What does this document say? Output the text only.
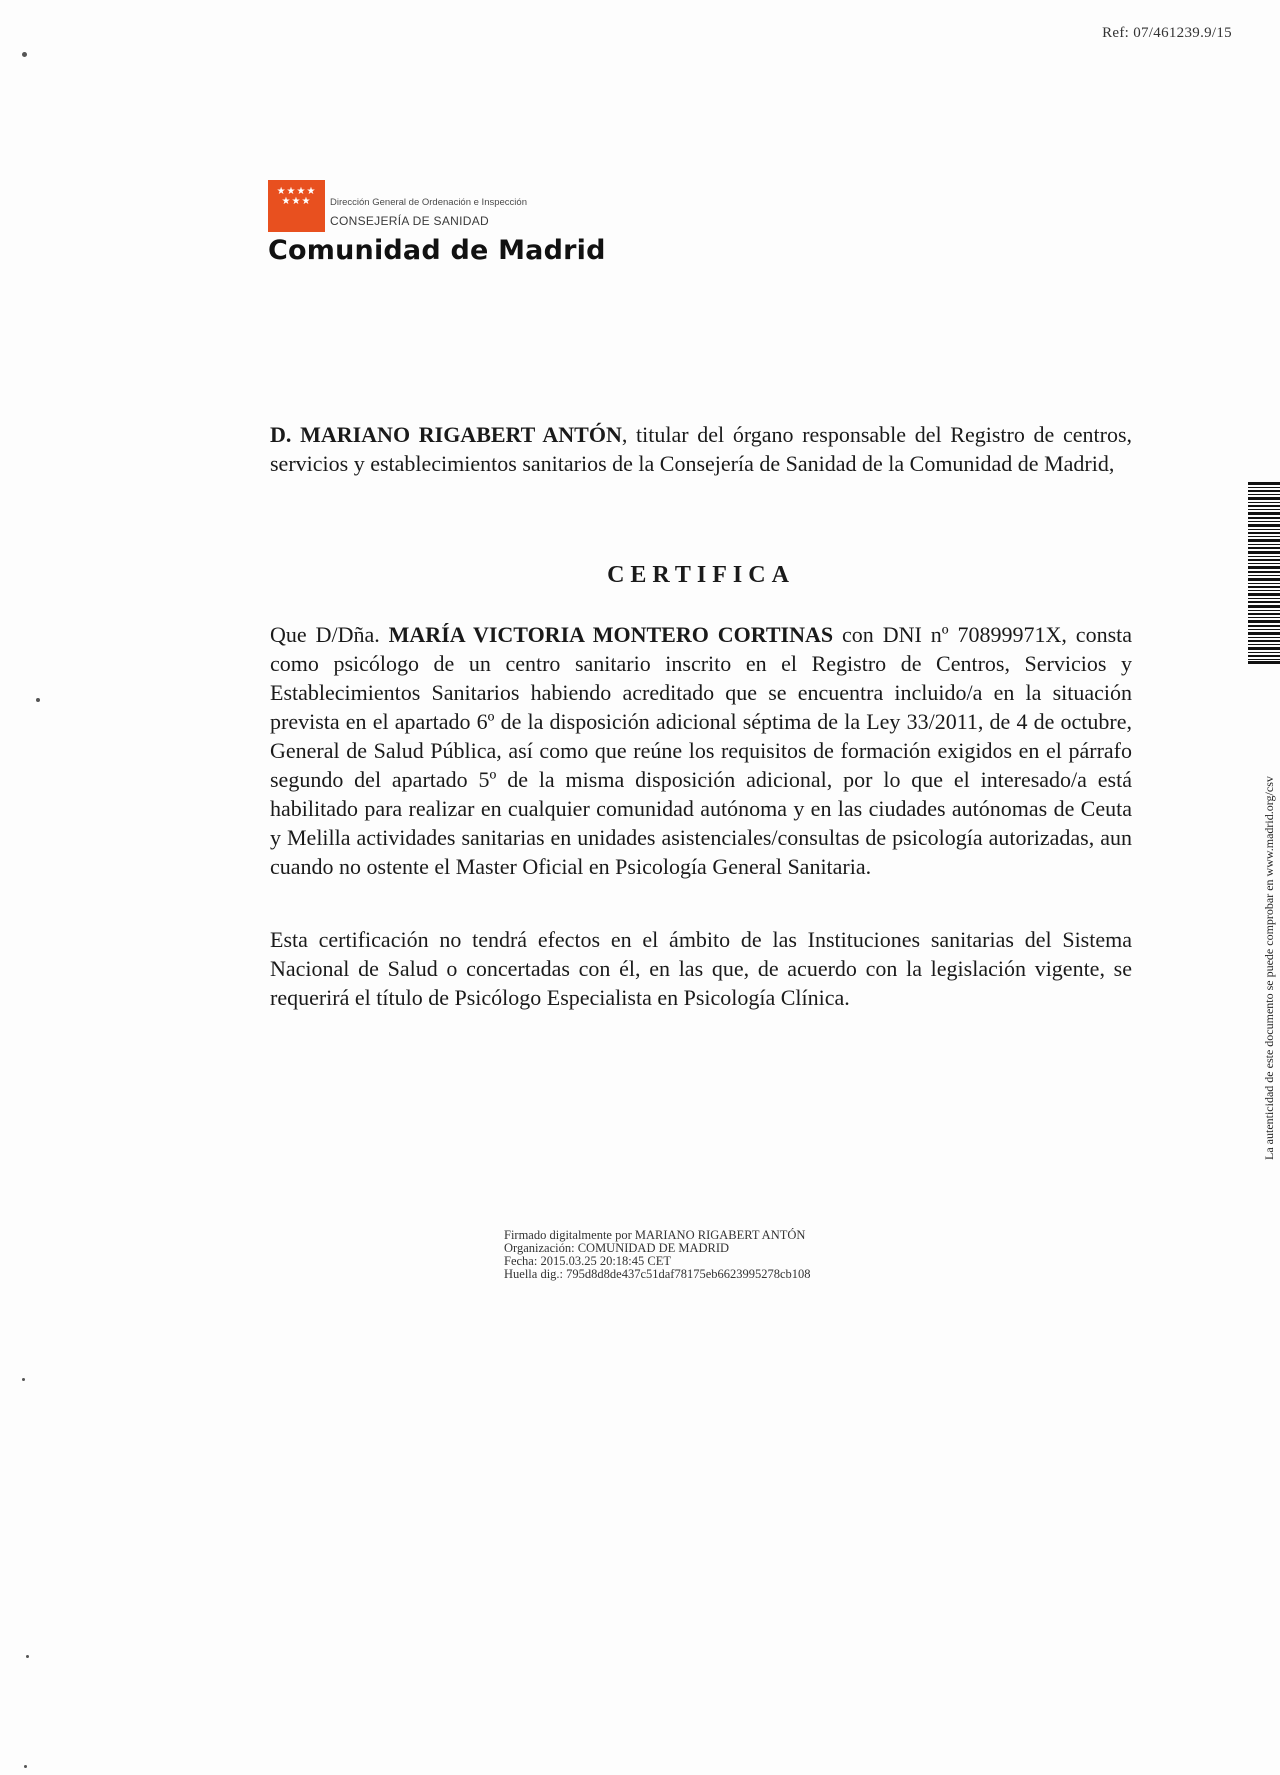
Ref: 07/461239.9/15
★★★★
★★★	Dirección General de Ordenación e Inspección
CONSEJERÍA DE SANIDAD
Comunidad de Madrid
D. MARIANO RIGABERT ANTÓN, titular del órgano responsable del Registro de centros, servicios y establecimientos sanitarios de la Consejería de Sanidad de la Comunidad de Madrid,
CERTIFICA
Que D/Dña. MARÍA VICTORIA MONTERO CORTINAS con DNI nº 70899971X, consta como psicólogo de un centro sanitario inscrito en el Registro de Centros, Servicios y Establecimientos Sanitarios habiendo acreditado que se encuentra incluido/a en la situación prevista en el apartado 6º de la disposición adicional séptima de la Ley 33/2011, de 4 de octubre, General de Salud Pública, así como que reúne los requisitos de formación exigidos en el párrafo segundo del apartado 5º de la misma disposición adicional, por lo que el interesado/a está habilitado para realizar en cualquier comunidad autónoma y en las ciudades autónomas de Ceuta y Melilla actividades sanitarias en unidades asistenciales/consultas de psicología autorizadas, aun cuando no ostente el Master Oficial en Psicología General Sanitaria.
Esta certificación no tendrá efectos en el ámbito de las Instituciones sanitarias del Sistema Nacional de Salud o concertadas con él, en las que, de acuerdo con la legislación vigente, se requerirá el título de Psicólogo Especialista en Psicología Clínica.
Firmado digitalmente por MARIANO RIGABERT ANTÓN
Organización: COMUNIDAD DE MADRID
Fecha: 2015.03.25 20:18:45 CET
Huella dig.: 795d8d8de437c51daf78175eb6623995278cb108
La autenticidad de este documento se puede comprobar en www.madrid.org/csv
